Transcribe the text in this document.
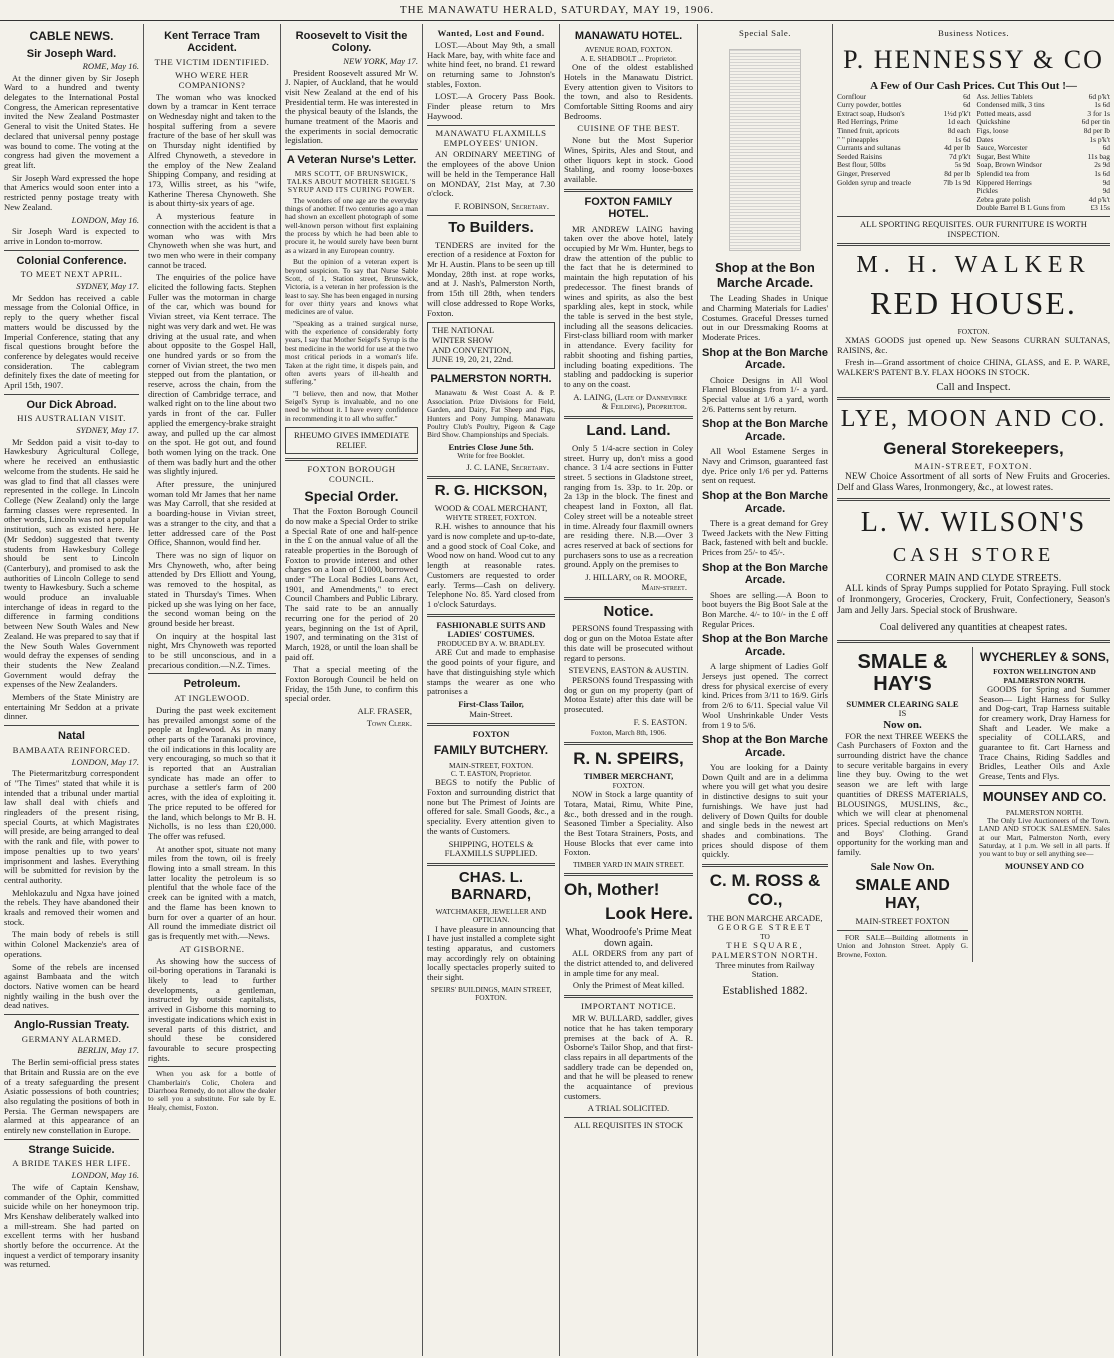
THE MANAWATU HERALD, SATURDAY, MAY 19, 1906.
CABLE NEWS.
Sir Joseph Ward.
ROME, May 16.

At the dinner given by Sir Joseph Ward to a hundred and twenty delegates to the International Postal Congress, the American representative invited the New Zealand Postmaster General to visit the United States. He declared that universal penny postage was bound to come. The voting at the congress had given the movement a great lift.

Sir Joseph Ward expressed the hope that Americs would soon enter into a restricted penny postage treaty with New Zealand.

LONDON, May 16.

Sir Joseph Ward is expected to arrive in London to-morrow.

Colonial Conference.
TO MEET NEXT APRIL.
SYDNEY, May 17.

Mr Seddon has received a cable message from the Colonial Office, in reply to the query whether fiscal matters would be discussed by the Imperial Conference, stating that any fiscal questions brought before the conference by delegates would receive consideration. The cablegram definitely fixes the date of meeting for April 15th, 1907.

Our Dick Abroad.
HIS AUSTRALIAN VISIT.
SYDNEY, May 17.

Mr Seddon paid a visit to-day to Hawkesbury Agricultural College, where he received an enthusiastic welcome from the students. He said he was glad to find that all classes were represented in the college. In Lincoln College (New Zealand) only the large farming classes were represented. In other words, Lincoln was not a popular institution, such as existed here. He (Mr Seddon) suggested that twenty students from Hawkesbury College should be sent to Lincoln (Canterbury), and promised to ask the authorities of Lincoln College to send twenty to Hawkesbury. Such a scheme would produce an invaluable interchange of ideas in regard to the difference in farming conditions between New South Wales and New Zealand. He was prepared to say that if the New South Wales Government would defray the expenses of sending their students the New Zealand Government would defray the expenses of the New Zealanders.

Members of the State Ministry are entertaining Mr Seddon at a private dinner.

Natal
BAMBAATA REINFORCED.
LONDON, May 17.

The Pietermaritzburg correspondent of "The Times" stated that while it is intended that a tribunal under martial law shall deal with chiefs and ringleaders of the present rising, special Courts, at which Magistrates will preside, are being arranged to deal with the rank and file, with power to impose penalties up to two years' imprisonment and lashes. Everything will be submitted for revision by the central authority.

Mehlokazulu and Ngxa have joined the rebels. They have abandoned their kraals and removed their women and stock.

The main body of rebels is still within Colonel Mackenzie's area of operations.

Some of the rebels are incensed against Bambaata and the witch doctors. Native women can be heard nightly wailing in the bush over the dead natives.

Anglo-Russian Treaty.
GERMANY ALARMED.
BERLIN, May 17.

The Berlin semi-official press states that Britain and Russia are on the eve of a treaty safeguarding the present Asiatic possessions of both countries; also regulating the positions of both in Persia. The German newspapers are alarmed at this appearance of an entirely new constellation in Europe.

Strange Suicide.
A BRIDE TAKES HER LIFE.
LONDON, May 16.

The wife of Captain Kenshaw, commander of the Ophir, committed suicide while on her honeymoon trip. Mrs Kenshaw deliberately walked into a mill-stream. She had parted on excellent terms with her husband shortly before the occurrence. At the inquest a verdict of temporary insanity was returned.

Kent Terrace Tram Accident.
THE VICTIM IDENTIFIED.
WHO WERE HER COMPANIONS?

The woman who was knocked down by a tramcar in Kent terrace on Wednesday night and taken to the hospital suffering from a severe fracture of the base of her skull was on Thursday night identified by Alfred Chynoweth, a stevedore in the employ of the New Zealand Shipping Company, and residing at 173, Willis street, as his "wife, Katherine Theresa Chynoweth. She is about thirty-six years of age.

A mysterious feature in connection with the accident is that a woman who was with Mrs Chynoweth when she was hurt, and two men who were in their company cannot be traced.

The enquiries of the police have elicited the following facts. Stephen Fuller was the motorman in charge of the car, which was bound for Vivian street, via Kent terrace. The night was very dark and wet. He was driving at the usual rate, and when about opposite to the Gospel Hall, one hundred yards or so from the corner of Vivian street, the two men stepped out from the plantation, or reserve, across the chain, from the direction of Cambridge terrace, and walked right on to the line about two yards in front of the car. Fuller applied the emergency-brake straight away, and pulled up the car almost on the spot. He got out, and found both women lying on the track. One of them was badly hurt and the other was slightly injured.

After pressure, the uninjured woman told Mr James that her name was May Carroll, that she resided at a boarding-house in Vivian street, was a stranger to the city, and that a letter addressed care of the Post Office, Shannon, would find her.

There was no sign of liquor on Mrs Chynoweth, who, after being attended by Drs Elliott and Young, was removed to the hospital, as stated in Thursday's Times. When picked up she was lying on her face, the second woman being on the ground beside her breast.

On inquiry at the hospital last night, Mrs Chynoweth was reported to be still unconscious, and in a precarious condition.—N.Z. Times.

Petroleum.
AT INGLEWOOD.

During the past week excitement has prevailed amongst some of the people at Inglewood. As in many other parts of the Taranaki province, the oil indications in this locality are very encouraging, so much so that it is reported that an Australian syndicate has made an offer to purchase a settler's farm of 200 acres, with the idea of exploiting it. The price reputed to be offered for the land, which belongs to Mr B. H. Nicholls, is no less than £20,000. The offer was refused.

At another spot, situate not many miles from the town, oil is freely flowing into a small stream. In this latter locality the petroleum is so plentiful that the whole face of the creek can be ignited with a match, and the flame has been known to burn for over a quarter of an hour. All round the immediate district oil gas is frequently met with.—News.

AT GISBORNE.

As showing how the success of oil-boring operations in Taranaki is likely to lead to further developments, a gentleman, instructed by outside capitalists, arrived in Gisborne this morning to investigate indications which exist in several parts of this district, and should these be considered favourable to secure prospecting rights.

When you ask for a bottle of Chamberlain's Colic, Cholera and Diarrhoea Remedy, do not allow the dealer to sell you a substitute. For sale by E. Healy, chemist, Foxton.

Roosevelt to Visit the Colony.
NEW YORK, May 17.

President Roosevelt assured Mr W. J. Napier, of Auckland, that he would visit New Zealand at the end of his Presidential term. He was interested in the physical beauty of the Islands, the humane treatment of the Maoris and the experiments in social democratic legislation.

A Veteran Nurse's Letter.
MRS SCOTT, OF BRUNSWICK, TALKS ABOUT MOTHER SEIGEL'S SYRUP AND ITS CURING POWER.

The wonders of one age are the everyday things of another. If two centuries ago a man had shown an excellent photograph of some well-known person without first explaining the process by which he had been able to procure it, he would surely have been burnt as a wizard in any European country.

But the opinion of a veteran expert is beyond suspicion. To say that Nurse Sable Scott, of 1, Station street, Brunswick, Victoria, is a veteran in her profession is the least to say. She has been engaged in nursing for over thirty years and knows what medicines are of value.

"Speaking as a trained surgical nurse, with the experience of considerably forty years, I say that Mother Seigel's Syrup is the best medicine in the world for use at the two most critical periods in a woman's life. Taken at the right time, it dispels pain, and often averts years of ill-health and suffering."

"I believe, then and now, that Mother Seigel's Syrup is invaluable, and no one need be without it. I have every confidence in recommending it to all who suffer."

RHEUMO GIVES IMMEDIATE RELIEF.
FOXTON BOROUGH COUNCIL.
Special Order.

That the Foxton Borough Council do now make a Special Order to strike a Special Rate of one and half-pence in the £ on the annual value of all the rateable properties in the Borough of Foxton to provide interest and other charges on a loan of £1000, borrowed under "The Local Bodies Loans Act, 1901, and Amendments," to erect Council Chambers and Public Library. The said rate to be an annually recurring one for the period of 20 years, beginning on the 1st of April, 1907, and terminating on the 31st of March, 1928, or until the loan shall be paid off.

That a special meeting of the Foxton Borough Council be held on Friday, the 15th June, to confirm this special order.

ALF. FRASER,
Town Clerk.
Wanted, Lost and Found.

LOST.—About May 9th, a small Hack Mare, bay, with white face and white hind feet, no brand. £1 reward on returning same to Johnston's stables, Foxton.

LOST.—A Grocery Pass Book. Finder please return to Mrs Haywood.

MANAWATU FLAXMILLS EMPLOYEES' UNION.

AN ORDINARY MEETING of the employees of the above Union will be held in the Temperance Hall on MONDAY, 21st May, at 7.30 o'clock.

F. ROBINSON, Secretary.
To Builders.

TENDERS are invited for the erection of a residence at Foxton for Mr H. Austin. Plans to be seen up till Monday, 28th inst. at rope works, and at J. Nash's, Palmerston North, from 15th till 28th, when tenders will close addressed to Rope Works, Foxton.

THE NATIONAL
WINTER SHOW
AND CONVENTION,
JUNE 19, 20, 21, 22nd.
PALMERSTON NORTH.

Manawatu & West Coast A. & P. Association. Prize Divisions for Field, Garden, and Dairy, Fat Sheep and Pigs, Hunters and Pony Jumping. Manawatu Poultry Club's Poultry, Pigeon & Cage Bird Show. Championships and Specials.

Entries Close June 5th.
Write for free Booklet.
J. C. LANE, Secretary.
R. G. HICKSON,
WOOD & COAL MERCHANT,
WHYTE STREET, FOXTON.

R.H. wishes to announce that his yard is now complete and up-to-date, and a good stock of Coal Coke, and Wood now on hand. Wood cut to any length at reasonable rates. Customers are requested to order early. Terms—Cash on delivery. Telephone No. 85. Yard closed from 1 o'clock Saturdays.

FASHIONABLE SUITS AND LADIES' COSTUMES.
PRODUCED BY A. W. BRADLEY.

ARE Cut and made to emphasise the good points of your figure, and have that distinguishing style which stamps the wearer as one who patronises a

First-Class Tailor,
Main-Street.
FOXTON
FAMILY BUTCHERY.
MAIN-STREET, FOXTON.
C. T. EASTON, Proprietor.

BEGS to notify the Public of Foxton and surrounding district that none but The Primest of Joints are offered for sale. Small Goods, &c., a speciality. Every attention given to the wants of Customers.

SHIPPING, HOTELS & FLAXMILLS SUPPLIED.
CHAS. L. BARNARD,
WATCHMAKER, JEWELLER AND OPTICIAN.

I have pleasure in announcing that I have just installed a complete sight testing apparatus, and customers may accordingly rely on obtaining locally spectacles properly suited to their sight.

SPEIRS' BUILDINGS, MAIN STREET, FOXTON.
MANAWATU HOTEL.
AVENUE ROAD, FOXTON.
A. E. SHADBOLT ... Proprietor.

One of the oldest established Hotels in the Manawatu District. Every attention given to Visitors to the town, and also to Residents. Comfortable Sitting Rooms and airy Bedrooms.

CUISINE OF THE BEST.

None but the Most Superior Wines, Spirits, Ales and Stout, and other liquors kept in stock. Good Stabling, and roomy loose-boxes available.

FOXTON FAMILY HOTEL.

MR ANDREW LAING having taken over the above hotel, lately occupied by Mr Wm. Hunter, begs to draw the attention of the public to the fact that he is determined to maintain the high reputation of his predecessor. The finest brands of wines and spirits, as also the best sparkling ales, kept in stock, while the table is served in the best style, including all the seasons delicacies. First-class billiard room with marker in attendance. Every facility for rabbit shooting and fishing parties, including boating expeditions. The stabling and paddocking is superior to any on the coast.

A. LAING, (Late of Dannevirke & Feilding), Proprietor.
Land. Land.

Only 5 1/4-acre section in Coley street. Hurry up, don't miss a good chance. 3 1/4 acre sections in Futter street. 5 sections in Gladstone street, ranging from 1s. 33p. to 1r. 20p. or 2a 13p in the block. The finest and cheapest land in Foxton, all flat. Coley street will be a noteable street in time. Already four flaxmill owners are residing there. N.B.—Over 3 acres reserved at back of sections for purchasers sons to use as a recreation ground. Apply on the premises to

J. HILLARY, or R. MOORE, Main-street.
Notice.

PERSONS found Trespassing with dog or gun on the Motoa Estate after this date will be prosecuted without regard to persons.

STEVENS, EASTON & AUSTIN.

PERSONS found Trespassing with dog or gun on my property (part of Motoa Estate) after this date will be prosecuted.

F. S. EASTON.
Foxton, March 8th, 1906.
R. N. SPEIRS,
TIMBER MERCHANT,
FOXTON.

NOW in Stock a large quantity of Totara, Matai, Rimu, White Pine, &c., both dressed and in the rough. Seasoned Timber a Speciality. Also the Best Totara Strainers, Posts, and House Blocks that ever came into Foxton.

TIMBER YARD IN MAIN STREET.
Oh, Mother!
Look Here.
What, Woodroofe's Prime Meat down again.

ALL ORDERS from any part of the district attended to, and delivered in ample time for any meal.

Only the Primest of Meat killed.
IMPORTANT NOTICE.

MR W. BULLARD, saddler, gives notice that he has taken temporary premises at the back of A. R. Osborne's Tailor Shop, and that first-class repairs in all departments of the saddlery trade can be depended on, and that he will be pleased to renew the acquaintance of previous customers.

A TRIAL SOLICITED.
ALL REQUISITES IN STOCK
Special Sale.
Shop at the Bon Marche Arcade.

The Leading Shades in Unique and Charming Materials for Ladies' Costumes. Graceful Dresses turned out in our Dressmaking Rooms at Moderate Prices.

Shop at the Bon Marche Arcade.

Choice Designs in All Wool Flannel Blousings from 1/- a yard. Special value at 1/6 a yard, worth 2/6. Patterns sent by return.

Shop at the Bon Marche Arcade.

All Wool Estamene Serges in Navy and Crimson, guaranteed fast dye. Price only 1/6 per yd. Patterns sent on request.

Shop at the Bon Marche Arcade.

There is a great demand for Grey Tweed Jackets with the New Fitting Back, fastened with belt and buckle. Prices from 25/- to 45/-.

Shop at the Bon Marche Arcade.

Shoes are selling.—A Boon to boot buyers the Big Boot Sale at the Bon Marche. 4/- to 10/- in the £ off Regular Prices.

Shop at the Bon Marche Arcade.

A large shipment of Ladies Golf Jerseys just opened. The correct dress for physical exercise of every kind. Prices from 3/11 to 16/9. Girls from 2/6 to 6/11. Special value Vil Wool Unshrinkable Under Vests from 1 9 to 5/6.

Shop at the Bon Marche Arcade.

You are looking for a Dainty Down Quilt and are in a delimma where you will get what you desire in distinctive designs to suit your furnishings. We have just had delivery of Down Quilts for double and single beds in the newest art shades and combinations. The prices should dispose of them quickly.

C. M. ROSS & CO.,
THE BON MARCHE ARCADE,
GEORGE STREET
TO
THE SQUARE,
PALMERSTON NORTH.
Three minutes from Railway Station.
Established 1882.
Business Notices.
P. HENNESSY & CO
A Few of Our Cash Prices. Cut This Out !—
Cornflour	6d
Curry powder, bottles	6d
Extract soap, Hudson's	1½d p'k't
Red Herrings, Prime	1d each
Tinned fruit, apricots	8d each
" " pineapples	1s 6d
Currants and sultanas	4d per lb
Seeded Raisins	7d p'k't
Best flour, 50lbs	5s 9d
Ginger, Preserved	8d per lb
Golden syrup and treacle	7lb 1s 9d
Ass. Jellies Tablets	6d p'k't
Condensed milk, 3 tins	1s 6d
Potted meats, assd	3 for 1s
Quickshine	6d per tin
Figs, loose	8d per lb
Dates	1s p'k't
Sauce, Worcester	6d
Sugar, Best White	11s bag
Soap, Brown Windsor	2s 9d
Splendid tea from	1s 6d
Kippered Herrings	9d
Pickles	9d
Zebra grate polish	4d p'k't
Double Barrel B L Guns from	£3 15s
ALL SPORTING REQUISITES. OUR FURNITURE IS WORTH INSPECTION.
M. H. WALKER
RED HOUSE.
FOXTON.

XMAS GOODS just opened up. New Seasons CURRAN SULTANAS, RAISINS, &c.

Fresh in—Grand assortment of choice CHINA, GLASS, and E. P. WARE, WALKER'S PATENT B.Y. FLAX HOOKS IN STOCK.

Call and Inspect.
LYE, MOON AND CO.
General Storekeepers,
MAIN-STREET, FOXTON.

NEW Choice Assortment of all sorts of New Fruits and Groceries. Delf and Glass Wares, Ironmongery, &c., at lowest rates.

L. W. WILSON'S
CASH STORE
CORNER MAIN AND CLYDE STREETS.

ALL kinds of Spray Pumps supplied for Potato Spraying. Full stock of Ironmongery, Groceries, Crockery, Fruit, Confectionery, Season's Jam and Jelly Jars. Special stock of Brushware.

Coal delivered any quantities at cheapest rates.
SMALE & HAY'S
SUMMER CLEARING SALE
IS
Now on.

FOR the next THREE WEEKS the Cash Purchasers of Foxton and the surrounding district have the chance to secure veritable bargains in every line they buy. Owing to the wet season we are left with large quantities of DRESS MATERIALS, BLOUSINGS, MUSLINS, &c., which we will clear at phenomenal prices. Special reductions on Men's and Boys' Clothing. Grand opportunity for the working man and family.

Sale Now On.
SMALE AND HAY,
MAIN-STREET FOXTON

FOR SALE—Building allotments in Union and Johnston Street. Apply G. Browne, Foxton.

WYCHERLEY & SONS,
FOXTON WELLINGTON AND PALMERSTON NORTH.

GOODS for Spring and Summer Season— Light Harness for Sulky and Dog-cart, Trap Harness suitable for creamery work, Dray Harness for Shaft and Leader. We make a speciality of COLLARS, and guarantee to fit. Cart Harness and Trace Chains, Riding Saddles and Bridles, Leather Oils and Axle Grease, Tents and Flys.

MOUNSEY AND CO.
PALMERSTON NORTH.

The Only Live Auctioneers of the Town. LAND AND STOCK SALESMEN. Sales at our Mart, Palmerston North, every Saturday, at 1 p.m. We sell in all parts. If you want to buy or sell anything see—

MOUNSEY AND CO
